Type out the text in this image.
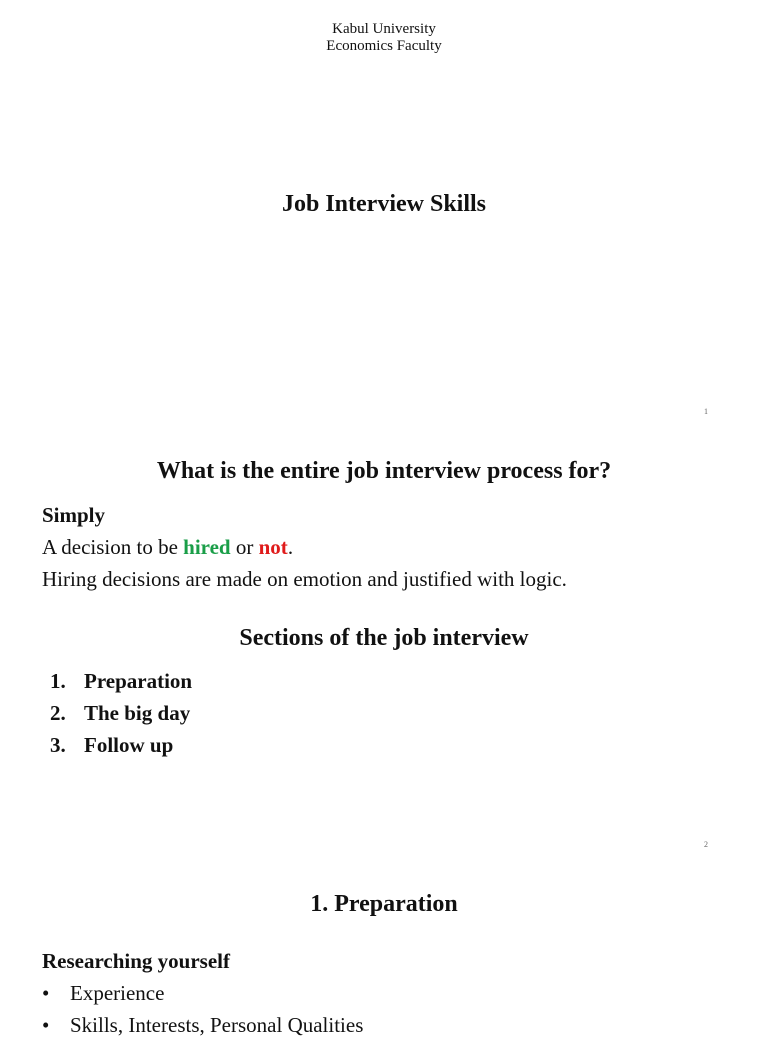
Kabul University
Economics Faculty
Job Interview Skills
1
What is the entire job interview process for?
Simply
A decision to be hired or not.
Hiring decisions are made on emotion and justified with logic.
Sections of the job interview
1. Preparation
2. The big day
3. Follow up
2
1. Preparation
Researching yourself
• Experience
• Skills, Interests, Personal Qualities
